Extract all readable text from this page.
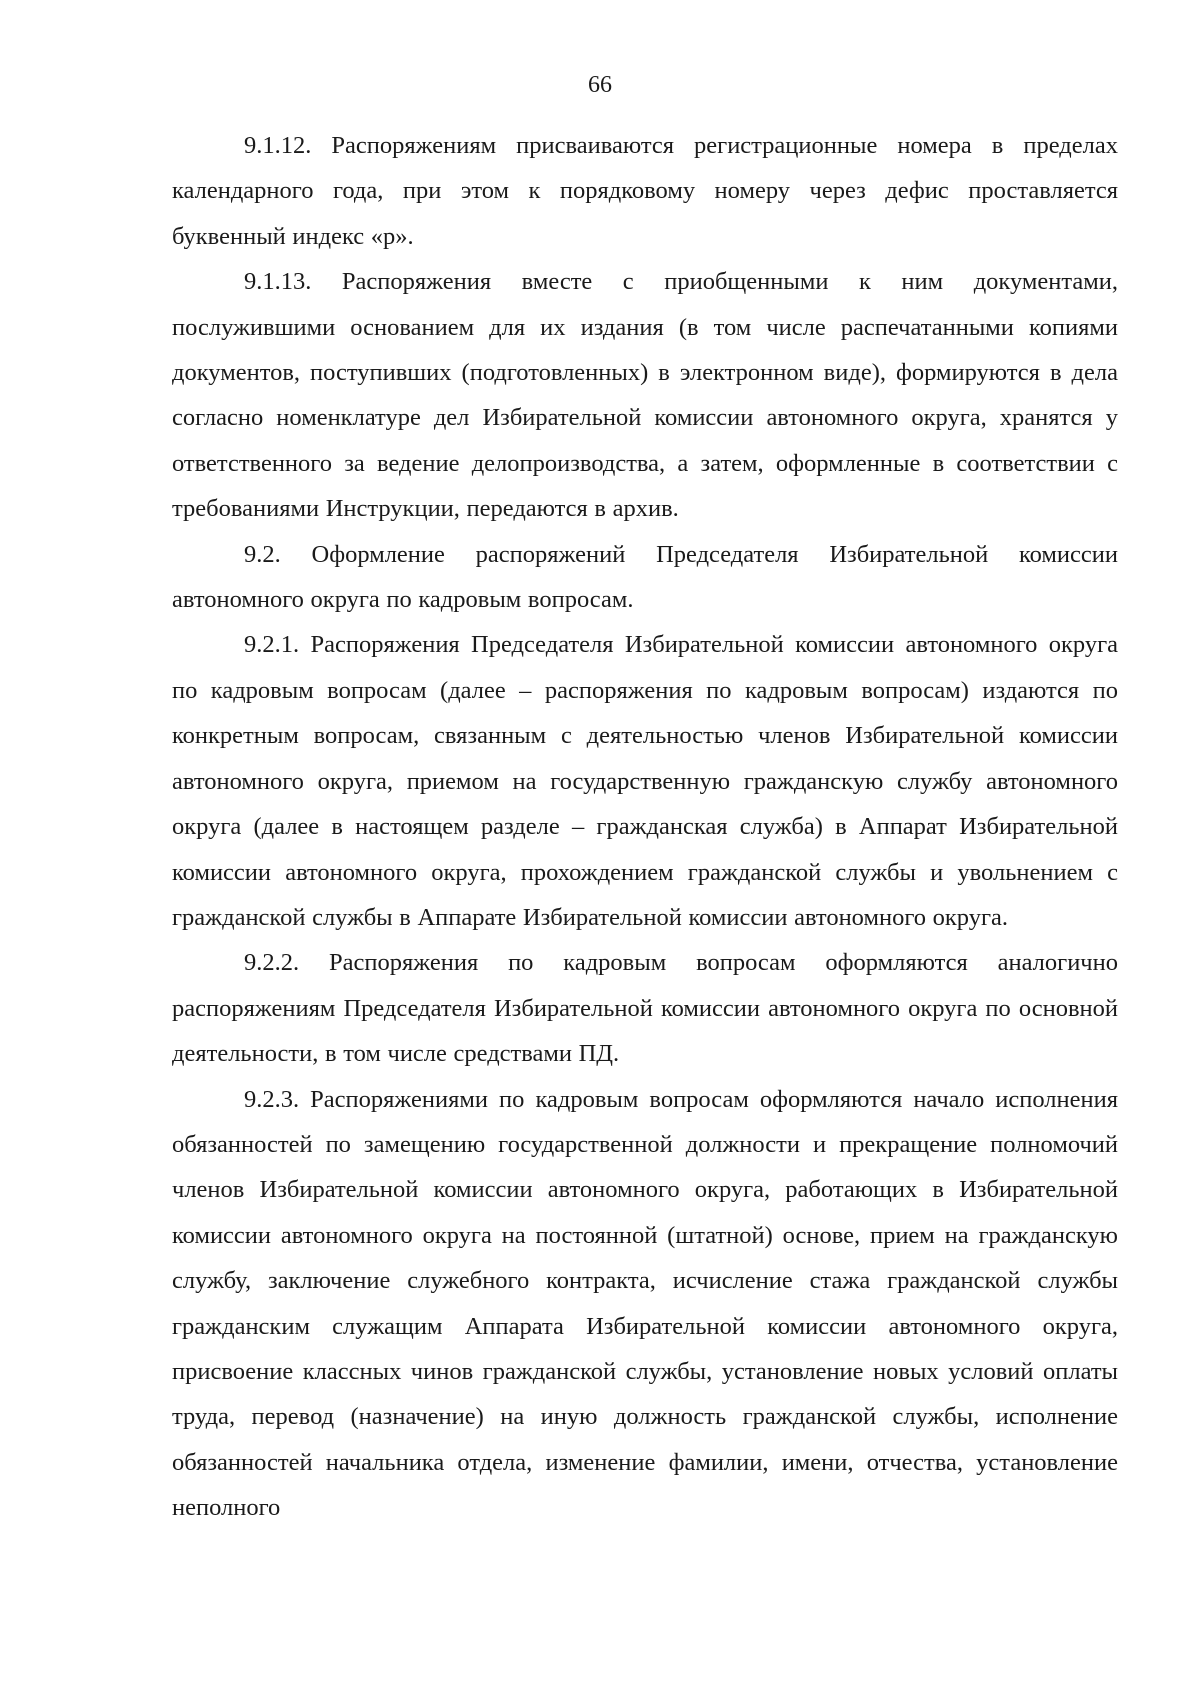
66

9.1.12. Распоряжениям присваиваются регистрационные номера в пределах календарного года, при этом к порядковому номеру через дефис проставляется буквенный индекс «р».

9.1.13. Распоряжения вместе с приобщенными к ним документами, послужившими основанием для их издания (в том числе распечатанными копиями документов, поступивших (подготовленных) в электронном виде), формируются в дела согласно номенклатуре дел Избирательной комиссии автономного округа, хранятся у ответственного за ведение делопроизводства, а затем, оформленные в соответствии с требованиями Инструкции, передаются в архив.

9.2. Оформление распоряжений Председателя Избирательной комиссии автономного округа по кадровым вопросам.

9.2.1. Распоряжения Председателя Избирательной комиссии автономного округа по кадровым вопросам (далее – распоряжения по кадровым вопросам) издаются по конкретным вопросам, связанным с деятельностью членов Избирательной комиссии автономного округа, приемом на государственную гражданскую службу автономного округа (далее в настоящем разделе – гражданская служба) в Аппарат Избирательной комиссии автономного округа, прохождением гражданской службы и увольнением с гражданской службы в Аппарате Избирательной комиссии автономного округа.

9.2.2. Распоряжения по кадровым вопросам оформляются аналогично распоряжениям Председателя Избирательной комиссии автономного округа по основной деятельности, в том числе средствами ПД.

9.2.3. Распоряжениями по кадровым вопросам оформляются начало исполнения обязанностей по замещению государственной должности и прекращение полномочий членов Избирательной комиссии автономного округа, работающих в Избирательной комиссии автономного округа на постоянной (штатной) основе, прием на гражданскую службу, заключение служебного контракта, исчисление стажа гражданской службы гражданским служащим Аппарата Избирательной комиссии автономного округа, присвоение классных чинов гражданской службы, установление новых условий оплаты труда, перевод (назначение) на иную должность гражданской службы, исполнение обязанностей начальника отдела, изменение фамилии, имени, отчества, установление неполного
